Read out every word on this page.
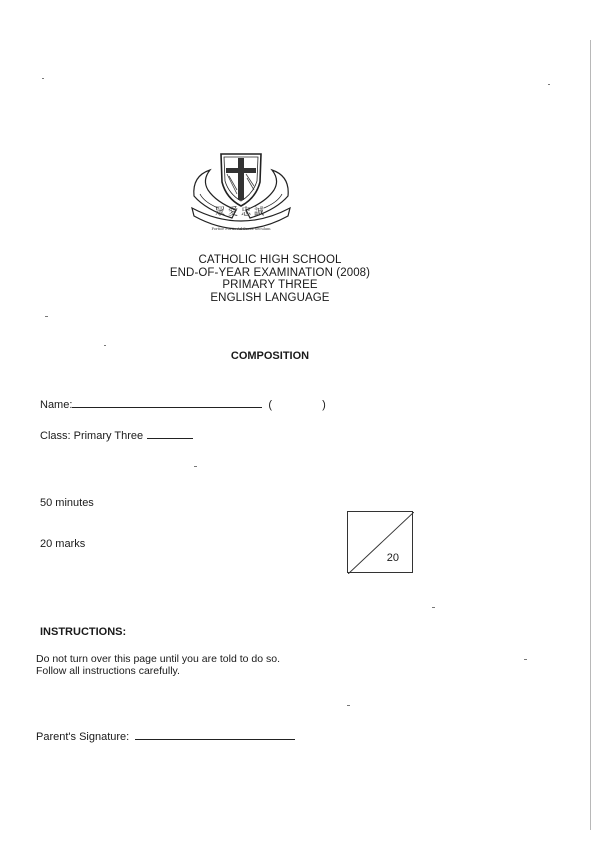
眾愛忠誠
Fortior Fortis Ad Sacra Seculum
CATHOLIC HIGH SCHOOL
END-OF-YEAR EXAMINATION (2008)
PRIMARY THREE
ENGLISH LANGUAGE
COMPOSITION
Name:	(	)
Class: Primary Three
50 minutes
20 marks
20
INSTRUCTIONS:
Do not turn over this page until you are told to do so.
Follow all instructions carefully.
Parent's Signature:
